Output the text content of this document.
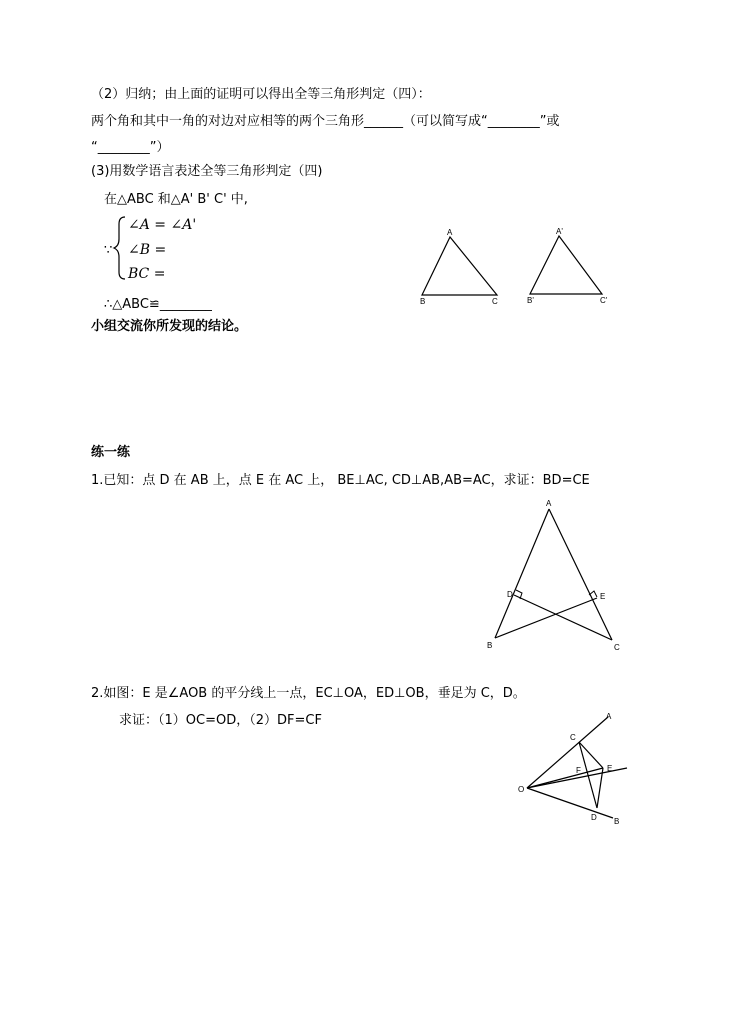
（2）归纳；由上面的证明可以得出全等三角形判定（四）：
两个角和其中一角的对边对应相等的两个三角形______（可以简写成“________”或
“________”）
(3)用数学语言表述全等三角形判定（四)
在△ABC 和△A' B' C' 中,
∵
∠A = ∠A'
∠B =
BC =
∴△ABC≌________
小组交流你所发现的结论。
练一练
1.已知：点 D 在 AB 上，点 E 在 AC 上， BE⊥AC, CD⊥AB,AB=AC，求证：BD=CE
2.如图：E 是∠AOB 的平分线上一点，EC⊥OA，ED⊥OB，垂足为 C，D。
求证：（1）OC=OD，（2）DF=CF
A
B	C
A'
B'	C'
A
D	E
B	C
A
C
F	E
O
D B
